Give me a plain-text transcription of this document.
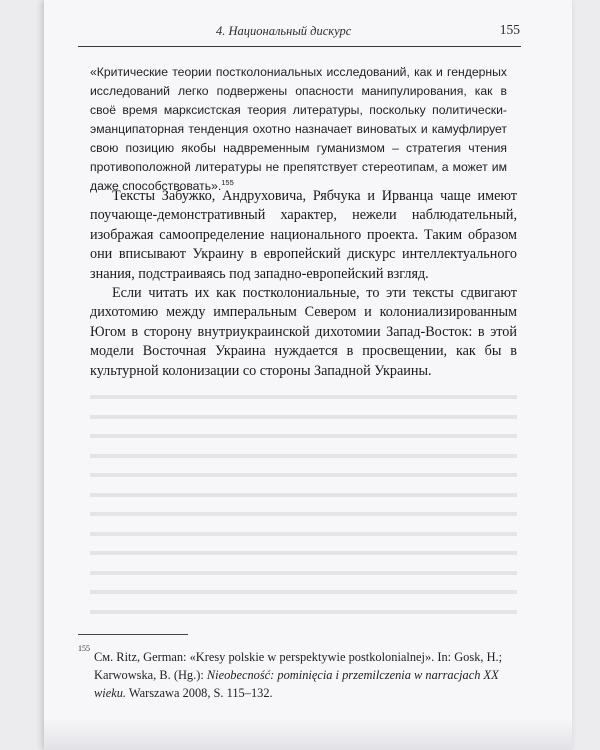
4. Национальный дискурс	155
«Критические теории постколониальных исследований, как и гендерных исследований легко подвержены опасности манипулирования, как в своё время марксистская теория литературы, поскольку политически-эманципаторная тенденция охотно назначает виноватых и камуфлирует свою позицию якобы надвременным гуманизмом – стратегия чтения противоположной литературы не препятствует стереотипам, а может им даже способствовать».$^{155}$

Тексты Забужко, Андруховича, Рябчука и Ирванца чаще имеют поучающе-демонстративный характер, нежели наблюдательный, изображая самоопределение национального проекта. Таким образом они вписывают Украину в европейский дискурс интеллектуального знания, подстраиваясь под западно-европейский взгляд.

Если читать их как постколониальные, то эти тексты сдвигают дихотомию между имперальным Севером и колониализированным Югом в сторону внутриукраинской дихотомии Запад-Восток: в этой модели Восточная Украина нуждается в просвещении, как бы в культурной колонизации со стороны Западной Украины.

155
См. Ritz, German: «Kresy polskie w perspektywie postkolonialnej». In: Gosk, H.; Karwowska, B. (Hg.): Nieobecność: pominięcia i przemilczenia w narracjach XX wieku. Warszawa 2008, S. 115–132.
